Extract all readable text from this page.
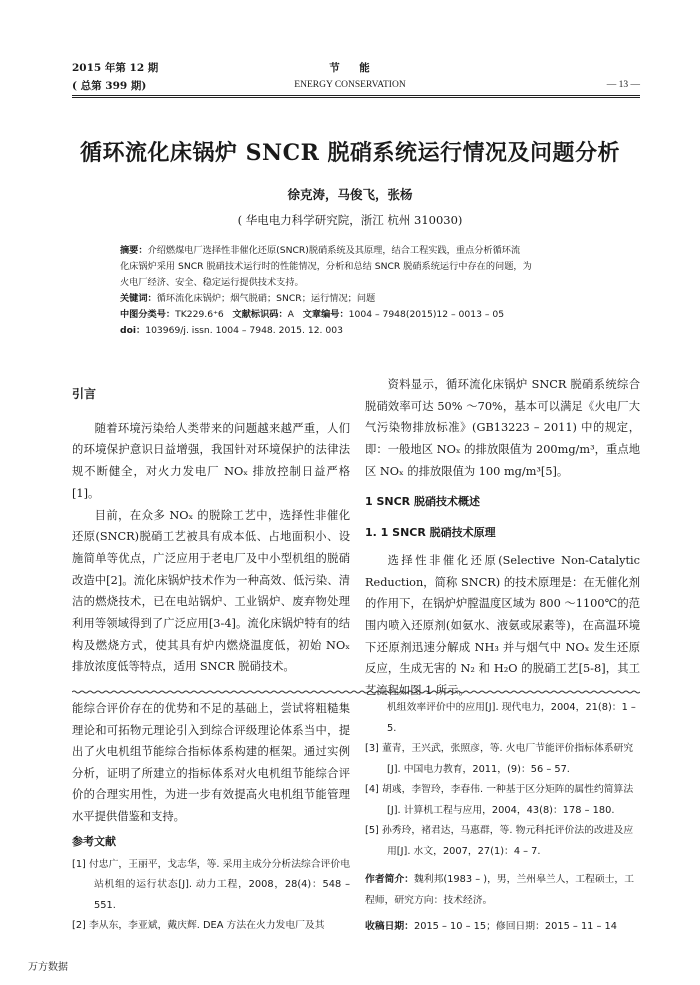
2015 年第 12 期
( 总第 399 期)
节    能
ENERGY CONSERVATION	— 13 —
循环流化床锅炉 SNCR 脱硝系统运行情况及问题分析
徐克涛，马俊飞，张杨
( 华电电力科学研究院，浙江 杭州 310030)
摘要：介绍燃煤电厂选择性非催化还原(SNCR)脱硝系统及其原理，结合工程实践，重点分析循环流
化床锅炉采用 SNCR 脱硝技术运行时的性能情况，分析和总结 SNCR 脱硝系统运行中存在的问题，为
火电厂经济、安全、稳定运行提供技术支持。
关键词：循环流化床锅炉；烟气脱硝；SNCR；运行情况；问题
中图分类号：TK229.6⁺6 文献标识码：A 文章编号：1004 – 7948(2015)12 – 0013 – 05
doi：103969/j. issn. 1004 – 7948. 2015. 12. 003
引言

随着环境污染给人类带来的问题越来越严重，人们的环境保护意识日益增强，我国针对环境保护的法律法规不断健全，对火力发电厂 NOₓ 排放控制日益严格[1]。

目前，在众多 NOₓ 的脱除工艺中，选择性非催化还原(SNCR)脱硝工艺被具有成本低、占地面积小、设施简单等优点，广泛应用于老电厂及中小型机组的脱硝改造中[2]。流化床锅炉技术作为一种高效、低污染、清洁的燃烧技术，已在电站锅炉、工业锅炉、废弃物处理利用等领域得到了广泛应用[3-4]。流化床锅炉特有的结构及燃烧方式，使其具有炉内燃烧温度低，初始 NOₓ 排放浓度低等特点，适用 SNCR 脱硝技术。

资料显示，循环流化床锅炉 SNCR 脱硝系统综合脱硝效率可达 50% ～70%，基本可以满足《火电厂大气污染物排放标准》(GB13223 – 2011) 中的规定，即：一般地区 NOₓ 的排放限值为 200mg/m³，重点地区 NOₓ 的排放限值为 100 mg/m³[5]。

1 SNCR 脱硝技术概述
1. 1 SNCR 脱硝技术原理

选择性非催化还原(Selective Non-Catalytic Reduction，简称 SNCR) 的技术原理是：在无催化剂的作用下，在锅炉炉膛温度区域为 800 ～1100℃的范围内喷入还原剂(如氨水、液氨或尿素等)，在高温环境下还原剂迅速分解成 NH₃ 并与烟气中 NOₓ 发生还原反应，生成无害的 N₂ 和 H₂O 的脱硝工艺[5-8]，其工艺流程如图 1 所示。

能综合评价存在的优势和不足的基础上，尝试将粗糙集理论和可拓物元理论引入到综合评级理论体系当中，提出了火电机组节能综合指标体系构建的框架。通过实例分析，证明了所建立的指标体系对火电机组节能综合评价的合理实用性，为进一步有效提高火电机组节能管理水平提供借鉴和支持。

参考文献

[1] 付忠广，王丽平，戈志华，等. 采用主成分分析法综合评价电站机组的运行状态[J]. 动力工程，2008，28(4)：548 – 551.

[2] 李从东，李亚斌，戴庆辉. DEA 方法在火力发电厂及其

机组效率评价中的应用[J]. 现代电力，2004，21(8)：1 – 5.

[3] 董青，王兴武，张照彦，等. 火电厂节能评价指标体系研究[J]. 中国电力教育，2011，(9)：56 – 57.

[4] 胡彧，李智玲，李春伟. 一种基于区分矩阵的属性约简算法[J]. 计算机工程与应用，2004，43(8)：178 – 180.

[5] 孙秀玲，褚君达，马惠群，等. 物元科托评价法的改进及应用[J]. 水文，2007，27(1)：4 – 7.

作者简介：魏利邦(1983 – )，男，兰州皋兰人，工程硕士，工程师，研究方向：技术经济。
收稿日期：2015 – 10 – 15；修回日期：2015 – 11 – 14
万方数据
